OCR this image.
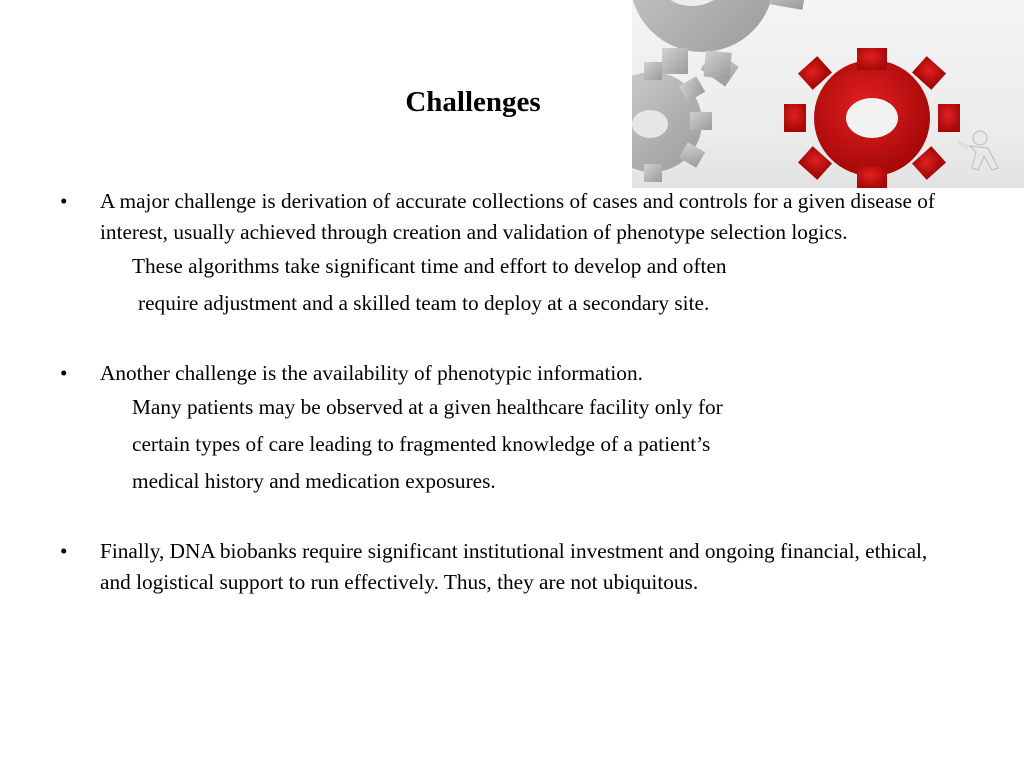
Challenges
• A major challenge is derivation of accurate collections of cases and controls for a given disease of interest, usually achieved through creation and validation of phenotype selection logics.
These algorithms take significant time and effort to develop and often
require adjustment and a skilled team to deploy at a secondary site.
• Another challenge is the availability of phenotypic information.
Many patients may be observed at a given healthcare facility only for
certain types of care leading to fragmented knowledge of a patient’s
medical history and medication exposures.
• Finally, DNA biobanks require significant institutional investment and ongoing financial, ethical, and logistical support to run effectively. Thus, they are not ubiquitous.
